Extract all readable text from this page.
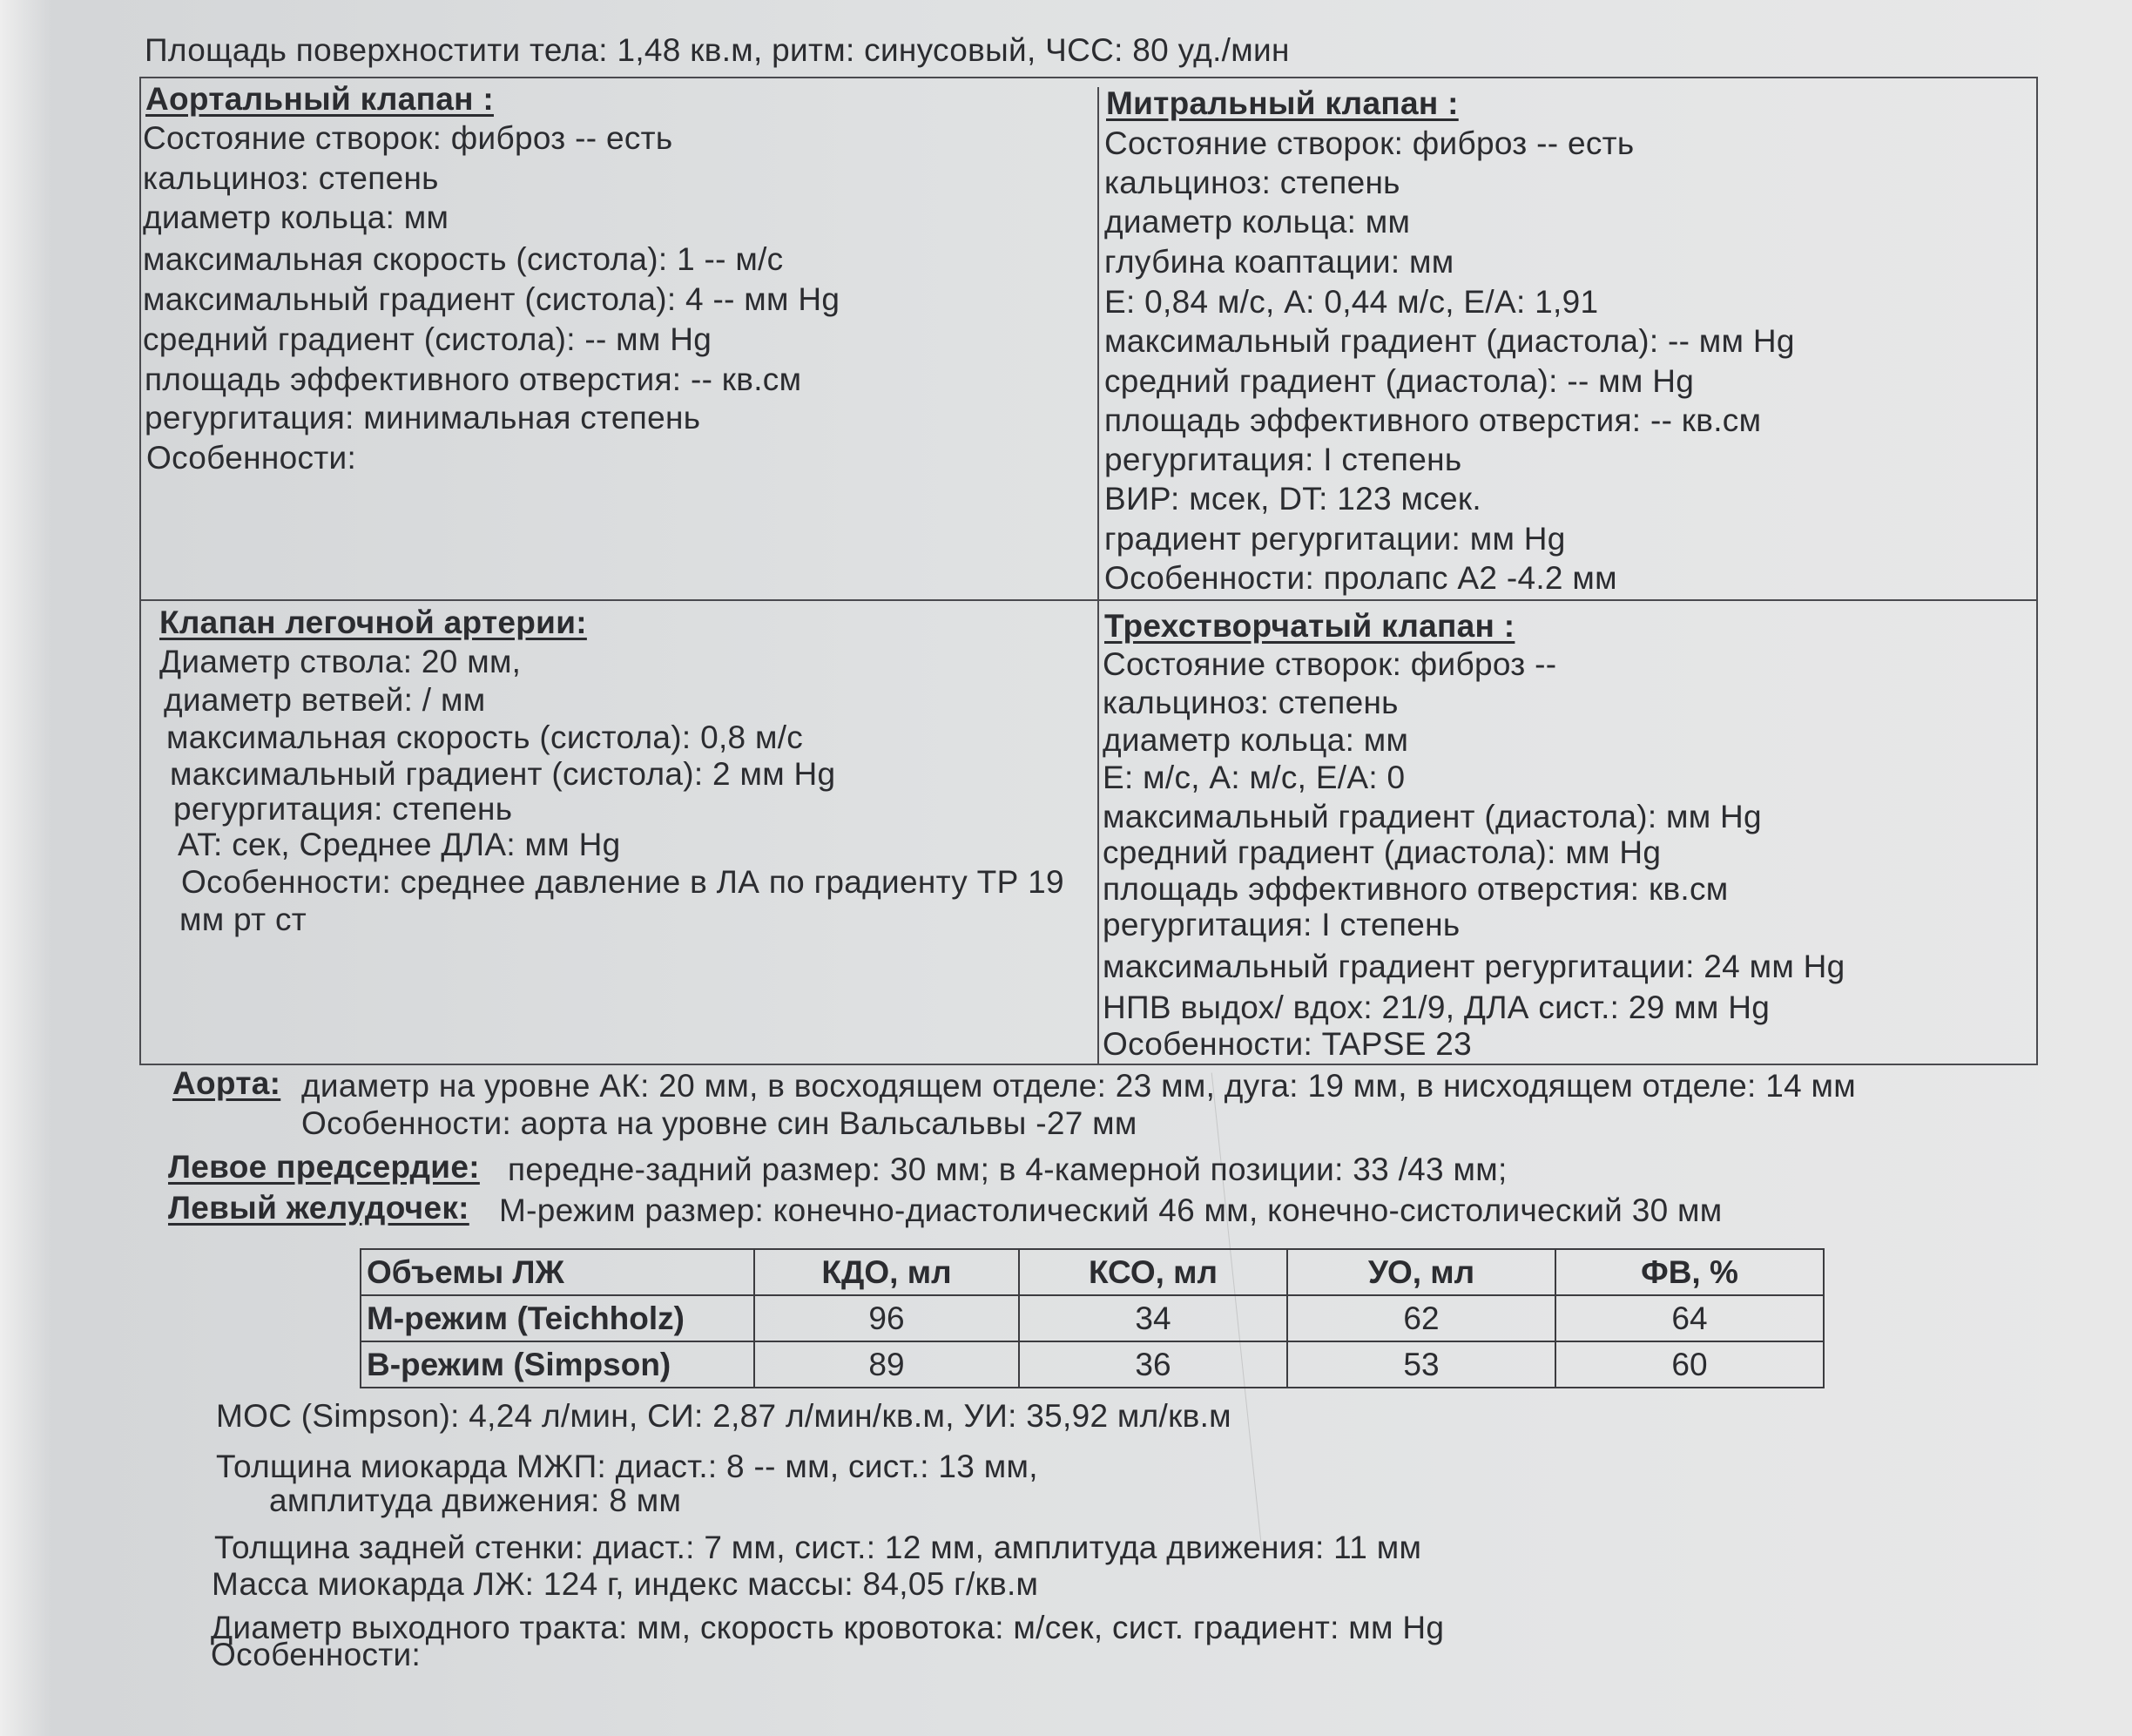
Площадь поверхностити тела: 1,48 кв.м, ритм: синусовый, ЧСС: 80 уд./мин
Аортальный клапан :
Состояние створок: фиброз -- есть
кальциноз: степень
диаметр кольца: мм
максимальная скорость (систола): 1 -- м/с
максимальный градиент (систола): 4 -- мм Hg
средний градиент (систола): -- мм Hg
площадь эффективного отверстия: -- кв.см
регургитация: минимальная степень
Особенности:
Митральный клапан :
Состояние створок: фиброз -- есть
кальциноз: степень
диаметр кольца: мм
глубина коаптации: мм
E: 0,84 м/с, A: 0,44 м/с, E/A: 1,91
максимальный градиент (диастола): -- мм Hg
средний градиент (диастола): -- мм Hg
площадь эффективного отверстия: -- кв.см
регургитация: I степень
ВИР: мсек, DT: 123 мсек.
градиент регургитации: мм Hg
Особенности: пролапс А2 -4.2 мм
Клапан легочной артерии:
Диаметр ствола: 20 мм,
диаметр ветвей: / мм
максимальная скорость (систола): 0,8 м/с
максимальный градиент (систола): 2 мм Hg
регургитация: степень
AT: сек, Среднее ДЛА: мм Hg
Особенности: среднее давление в ЛА по градиенту ТР 19
мм рт ст
Трехстворчатый клапан :
Состояние створок: фиброз --
кальциноз: степень
диаметр кольца: мм
E: м/с, A: м/с, E/A: 0
максимальный градиент (диастола): мм Hg
средний градиент (диастола): мм Hg
площадь эффективного отверстия: кв.см
регургитация: I степень
максимальный градиент регургитации: 24 мм Hg
НПВ выдох/ вдох: 21/9, ДЛА сист.: 29 мм Hg
Особенности: TAPSE 23
Аорта: диаметр на уровне АК: 20 мм, в восходящем отделе: 23 мм, дуга: 19 мм, в нисходящем отделе: 14 мм
Особенности: аорта на уровне син Вальсальвы -27 мм
Левое предсердие: передне-задний размер: 30 мм; в 4-камерной позиции: 33 /43 мм;
Левый желудочек: М-режим размер: конечно-диастолический 46 мм, конечно-систолический 30 мм
Объемы ЛЖ	КДО, мл	КСО, мл	УО, мл	ФВ, %
М-режим (Teichholz)	96	34	62	64
В-режим (Simpson)	89	36	53	60
МОС (Simpson): 4,24 л/мин, СИ: 2,87 л/мин/кв.м, УИ: 35,92 мл/кв.м
Толщина миокарда МЖП: диаст.: 8 -- мм, сист.: 13 мм,
амплитуда движения: 8 мм
Толщина задней стенки: диаст.: 7 мм, сист.: 12 мм, амплитуда движения: 11 мм
Масса миокарда ЛЖ: 124 г, индекс массы: 84,05 г/кв.м
Диаметр выходного тракта: мм, скорость кровотока: м/сек, сист. градиент: мм Hg
Особенности:
